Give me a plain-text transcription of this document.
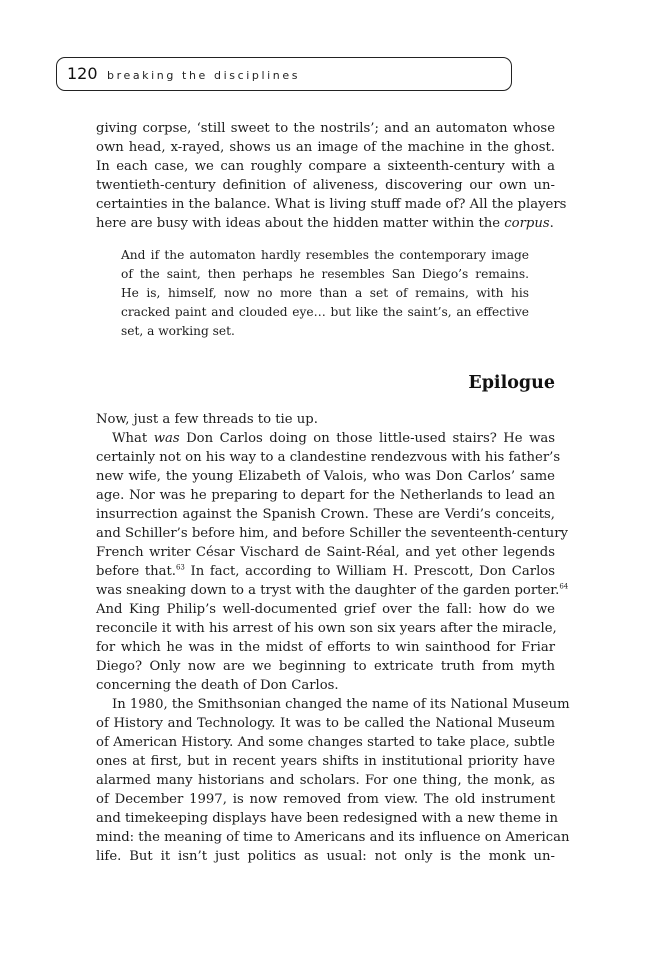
120 breaking the disciplines
giving corpse, ‘still sweet to the nostrils’; and an automaton whose
own head, x-rayed, shows us an image of the machine in the ghost.
In each case, we can roughly compare a sixteenth-century with a
twentieth-century definition of aliveness, discovering our own un-
certainties in the balance. What is living stuff made of? All the players
here are busy with ideas about the hidden matter within the corpus.
And if the automaton hardly resembles the contemporary image
of the saint, then perhaps he resembles San Diego’s remains.
He is, himself, now no more than a set of remains, with his
cracked paint and clouded eye… but like the saint’s, an effective
set, a working set.
Epilogue
Now, just a few threads to tie up.
What was Don Carlos doing on those little-used stairs? He was
certainly not on his way to a clandestine rendezvous with his father’s
new wife, the young Elizabeth of Valois, who was Don Carlos’ same
age. Nor was he preparing to depart for the Netherlands to lead an
insurrection against the Spanish Crown. These are Verdi’s conceits,
and Schiller’s before him, and before Schiller the seventeenth-century
French writer César Vischard de Saint-Réal, and yet other legends
before that.$^{63}$ In fact, according to William H. Prescott, Don Carlos
was sneaking down to a tryst with the daughter of the garden porter.$^{64}$
And King Philip’s well-documented grief over the fall: how do we
reconcile it with his arrest of his own son six years after the miracle,
for which he was in the midst of efforts to win sainthood for Friar
Diego? Only now are we beginning to extricate truth from myth
concerning the death of Don Carlos.
In 1980, the Smithsonian changed the name of its National Museum
of History and Technology. It was to be called the National Museum
of American History. And some changes started to take place, subtle
ones at first, but in recent years shifts in institutional priority have
alarmed many historians and scholars. For one thing, the monk, as
of December 1997, is now removed from view. The old instrument
and timekeeping displays have been redesigned with a new theme in
mind: the meaning of time to Americans and its influence on American
life. But it isn’t just politics as usual: not only is the monk un-
